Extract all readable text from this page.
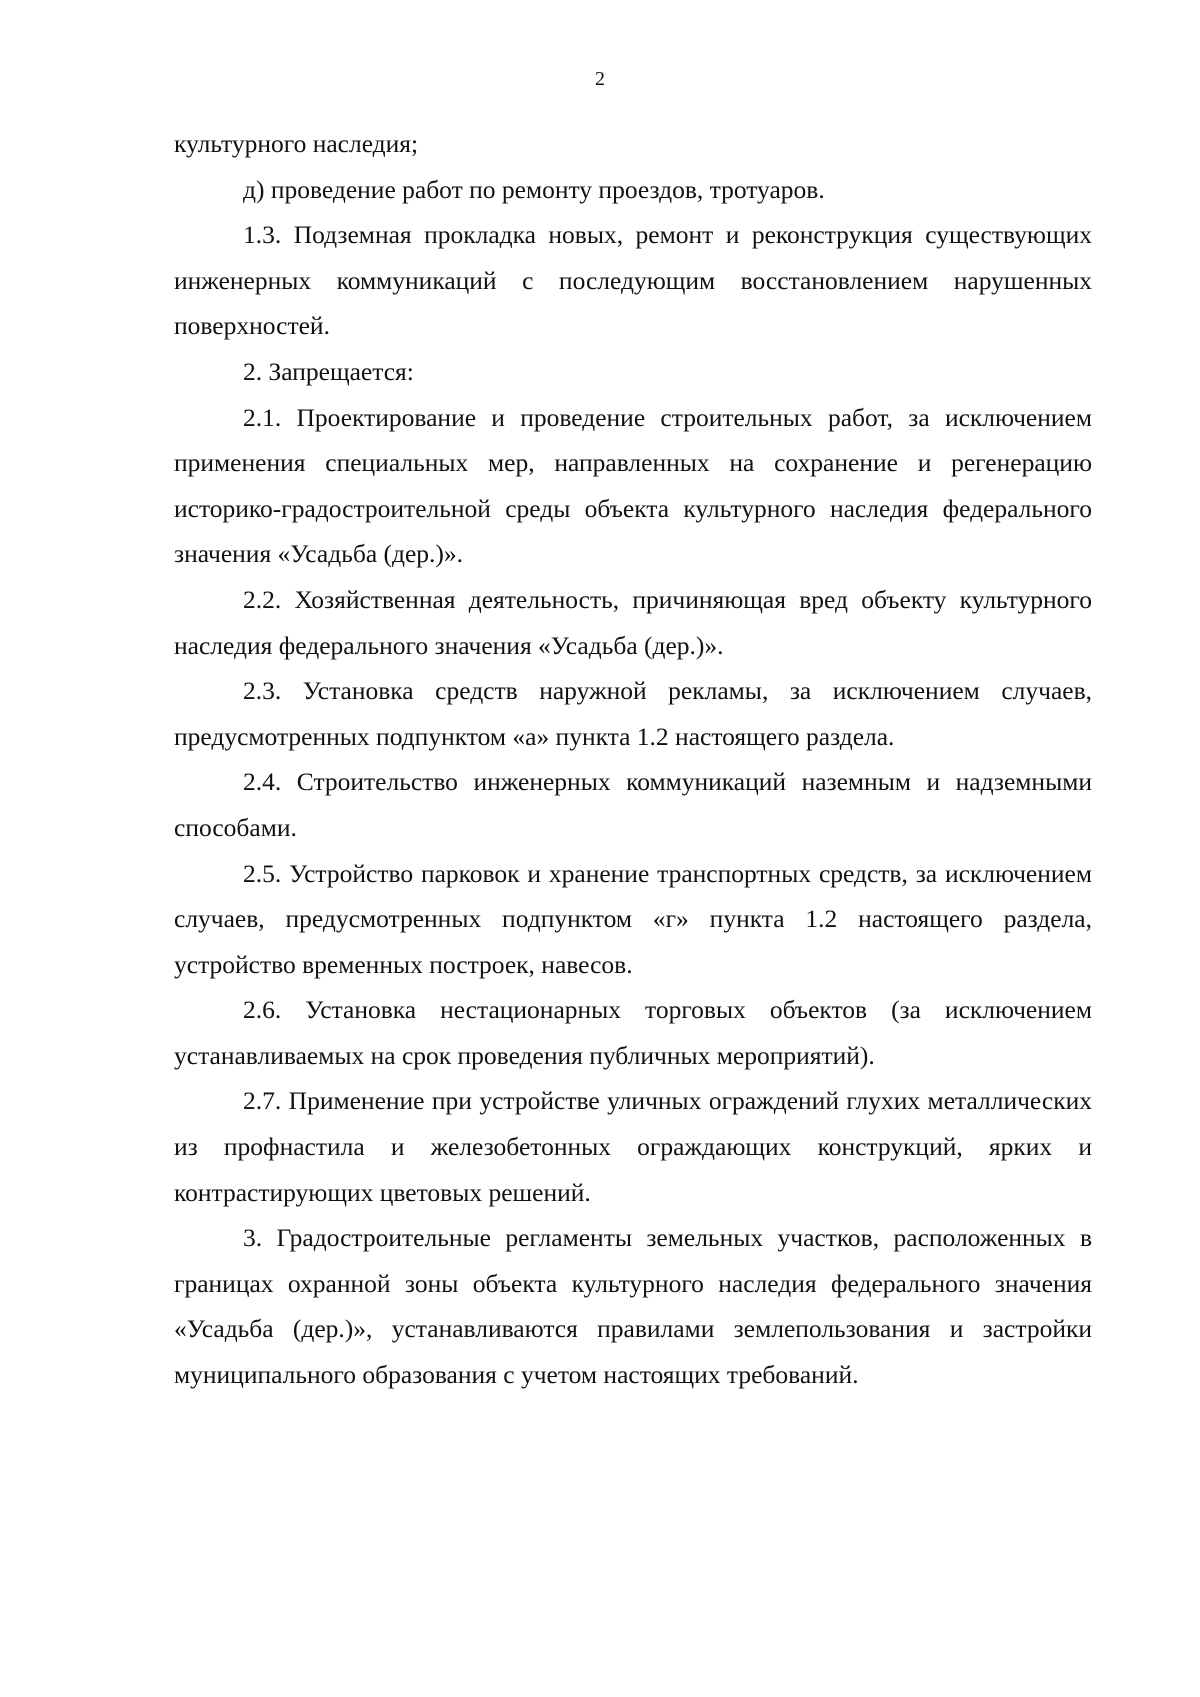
2

культурного наследия;

д) проведение работ по ремонту проездов, тротуаров.

1.3. Подземная прокладка новых, ремонт и реконструкция существующих инженерных коммуникаций с последующим восстановлением нарушенных поверхностей.

2. Запрещается:

2.1. Проектирование и проведение строительных работ, за исключением применения специальных мер, направленных на сохранение и регенерацию историко-градостроительной среды объекта культурного наследия федерального значения «Усадьба (дер.)».

2.2. Хозяйственная деятельность, причиняющая вред объекту культурного наследия федерального значения «Усадьба (дер.)».

2.3. Установка средств наружной рекламы, за исключением случаев, предусмотренных подпунктом «а» пункта 1.2 настоящего раздела.

2.4. Строительство инженерных коммуникаций наземным и надземными способами.

2.5. Устройство парковок и хранение транспортных средств, за исключением случаев, предусмотренных подпунктом «г» пункта 1.2 настоящего раздела, устройство временных построек, навесов.

2.6. Установка нестационарных торговых объектов (за исключением устанавливаемых на срок проведения публичных мероприятий).

2.7. Применение при устройстве уличных ограждений глухих металлических из профнастила и железобетонных ограждающих конструкций, ярких и контрастирующих цветовых решений.

3. Градостроительные регламенты земельных участков, расположенных в границах охранной зоны объекта культурного наследия федерального значения «Усадьба (дер.)», устанавливаются правилами землепользования и застройки муниципального образования с учетом настоящих требований.
